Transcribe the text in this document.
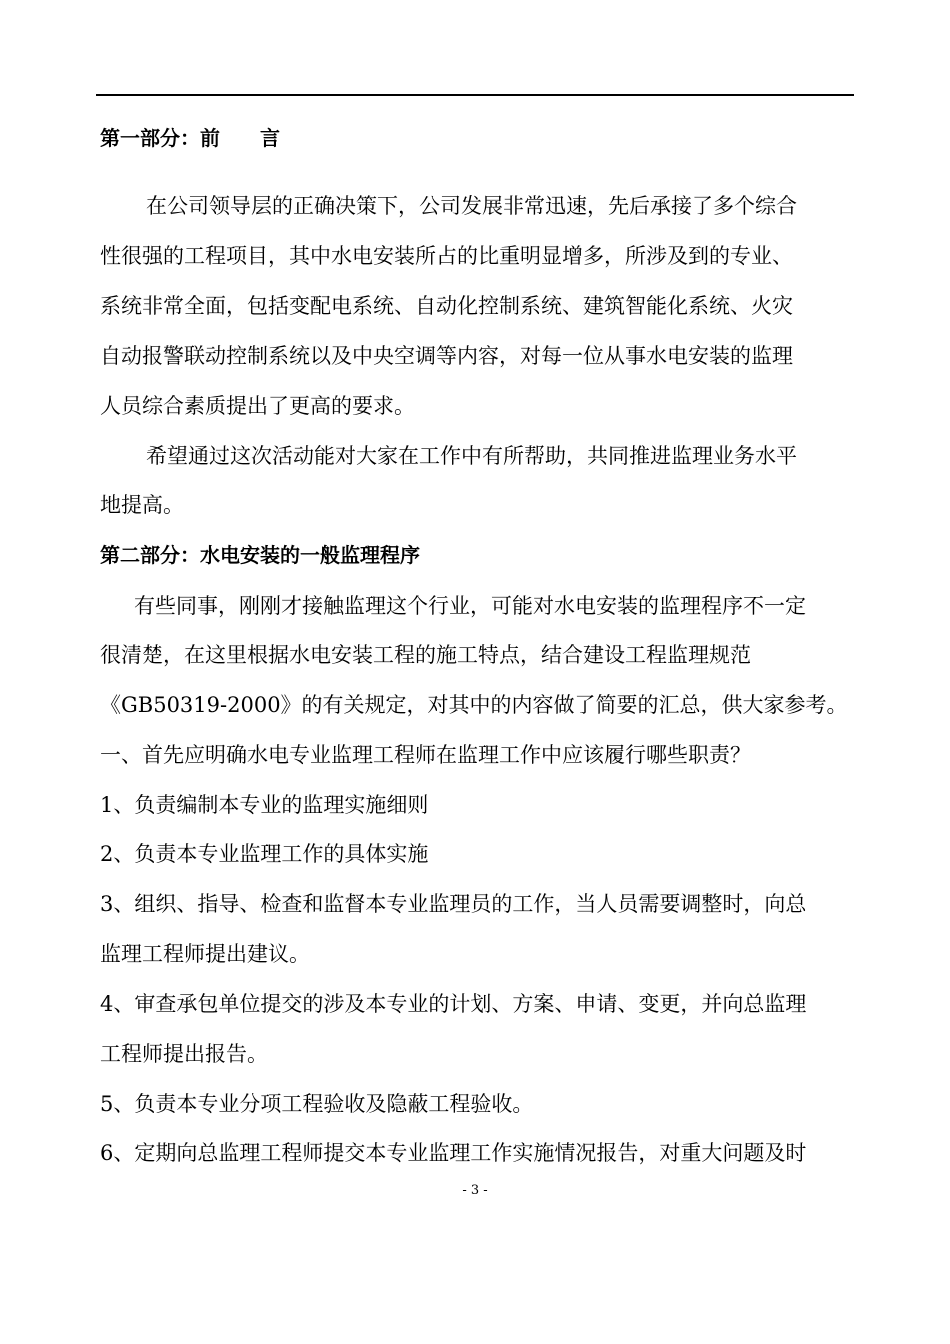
第一部分：前　　言
在公司领导层的正确决策下，公司发展非常迅速，先后承接了多个综合
性很强的工程项目，其中水电安装所占的比重明显增多，所涉及到的专业、
系统非常全面，包括变配电系统、自动化控制系统、建筑智能化系统、火灾
自动报警联动控制系统以及中央空调等内容，对每一位从事水电安装的监理
人员综合素质提出了更高的要求。
希望通过这次活动能对大家在工作中有所帮助，共同推进监理业务水平
地提高。
第二部分：水电安装的一般监理程序
有些同事，刚刚才接触监理这个行业，可能对水电安装的监理程序不一定
很清楚，在这里根据水电安装工程的施工特点，结合建设工程监理规范
《GB50319-2000》的有关规定，对其中的内容做了简要的汇总，供大家参考。
一、首先应明确水电专业监理工程师在监理工作中应该履行哪些职责？
1、负责编制本专业的监理实施细则
2、负责本专业监理工作的具体实施
3、组织、指导、检查和监督本专业监理员的工作，当人员需要调整时，向总
监理工程师提出建议。
4、审查承包单位提交的涉及本专业的计划、方案、申请、变更，并向总监理
工程师提出报告。
5、负责本专业分项工程验收及隐蔽工程验收。
6、定期向总监理工程师提交本专业监理工作实施情况报告，对重大问题及时
- 3 -
